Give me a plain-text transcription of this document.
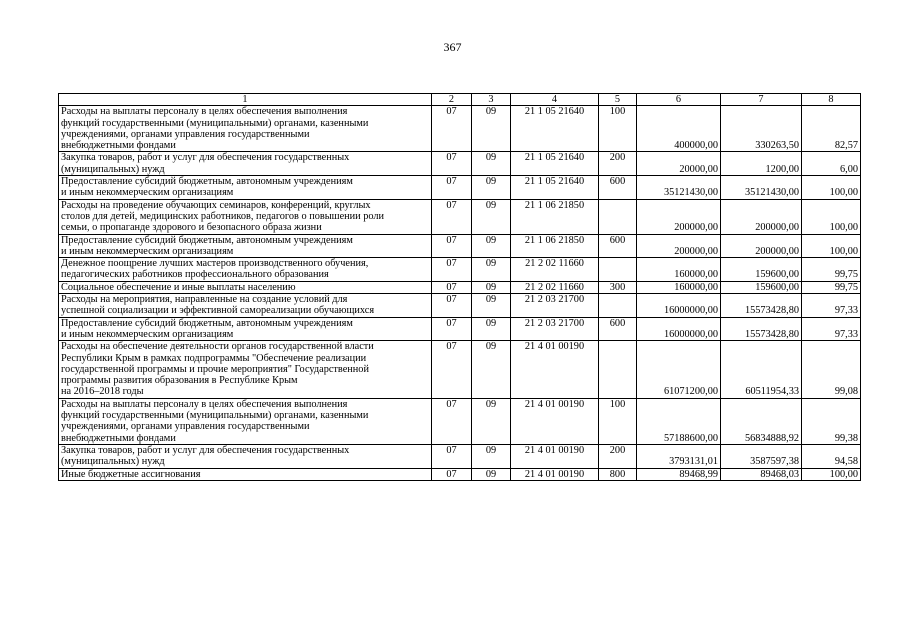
367
1	2	3	4	5	6	7	8
Расходы на выплаты персоналу в целях обеспечения выполнения
функций государственными (муниципальными) органами, казенными
учреждениями, органами управления государственными
внебюджетными фондами	07	09	21 1 05 21640	100	400000,00	330263,50	82,57
Закупка товаров, работ и услуг для обеспечения государственных
(муниципальных) нужд	07	09	21 1 05 21640	200	20000,00	1200,00	6,00
Предоставление субсидий бюджетным, автономным учреждениям
и иным некоммерческим организациям	07	09	21 1 05 21640	600	35121430,00	35121430,00	100,00
Расходы на проведение обучающих семинаров, конференций, круглых
столов для детей, медицинских работников, педагогов о повышении роли
семьи, о пропаганде здорового и безопасного образа жизни	07	09	21 1 06 21850		200000,00	200000,00	100,00
Предоставление субсидий бюджетным, автономным учреждениям
и иным некоммерческим организациям	07	09	21 1 06 21850	600	200000,00	200000,00	100,00
Денежное поощрение лучших мастеров производственного обучения,
педагогических работников профессионального образования	07	09	21 2 02 11660		160000,00	159600,00	99,75
Социальное обеспечение и иные выплаты населению	07	09	21 2 02 11660	300	160000,00	159600,00	99,75
Расходы на мероприятия, направленные на создание условий для
успешной социализации и эффективной самореализации обучающихся	07	09	21 2 03 21700		16000000,00	15573428,80	97,33
Предоставление субсидий бюджетным, автономным учреждениям
и иным некоммерческим организациям	07	09	21 2 03 21700	600	16000000,00	15573428,80	97,33
Расходы на обеспечение деятельности органов государственной власти
Республики Крым в рамках подпрограммы "Обеспечение реализации
государственной программы и прочие мероприятия" Государственной
программы развития образования в Республике Крым
на 2016–2018 годы	07	09	21 4 01 00190		61071200,00	60511954,33	99,08
Расходы на выплаты персоналу в целях обеспечения выполнения
функций государственными (муниципальными) органами, казенными
учреждениями, органами управления государственными
внебюджетными фондами	07	09	21 4 01 00190	100	57188600,00	56834888,92	99,38
Закупка товаров, работ и услуг для обеспечения государственных
(муниципальных) нужд	07	09	21 4 01 00190	200	3793131,01	3587597,38	94,58
Иные бюджетные ассигнования	07	09	21 4 01 00190	800	89468,99	89468,03	100,00
